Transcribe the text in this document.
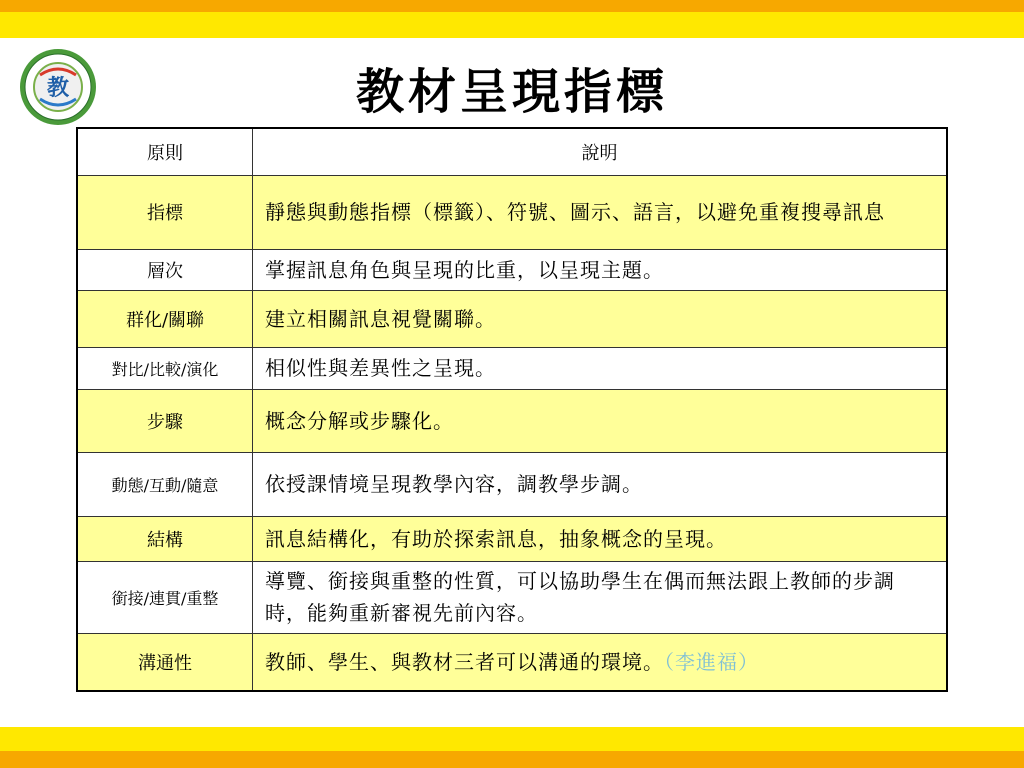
教	教材呈現指標
原則	說明
指標	靜態與動態指標（標籤）、符號、圖示、語言，以避免重複搜尋訊息
層次	掌握訊息角色與呈現的比重，以呈現主題。
群化/關聯	建立相關訊息視覺關聯。
對比/比較/演化	相似性與差異性之呈現。
步驟	概念分解或步驟化。
動態/互動/隨意	依授課情境呈現教學內容，調教學步調。
結構	訊息結構化，有助於探索訊息，抽象概念的呈現。
銜接/連貫/重整	導覽、銜接與重整的性質，可以協助學生在偶而無法跟上教師的步調時，能夠重新審視先前內容。
溝通性	教師、學生、與教材三者可以溝通的環境。（李進福）
